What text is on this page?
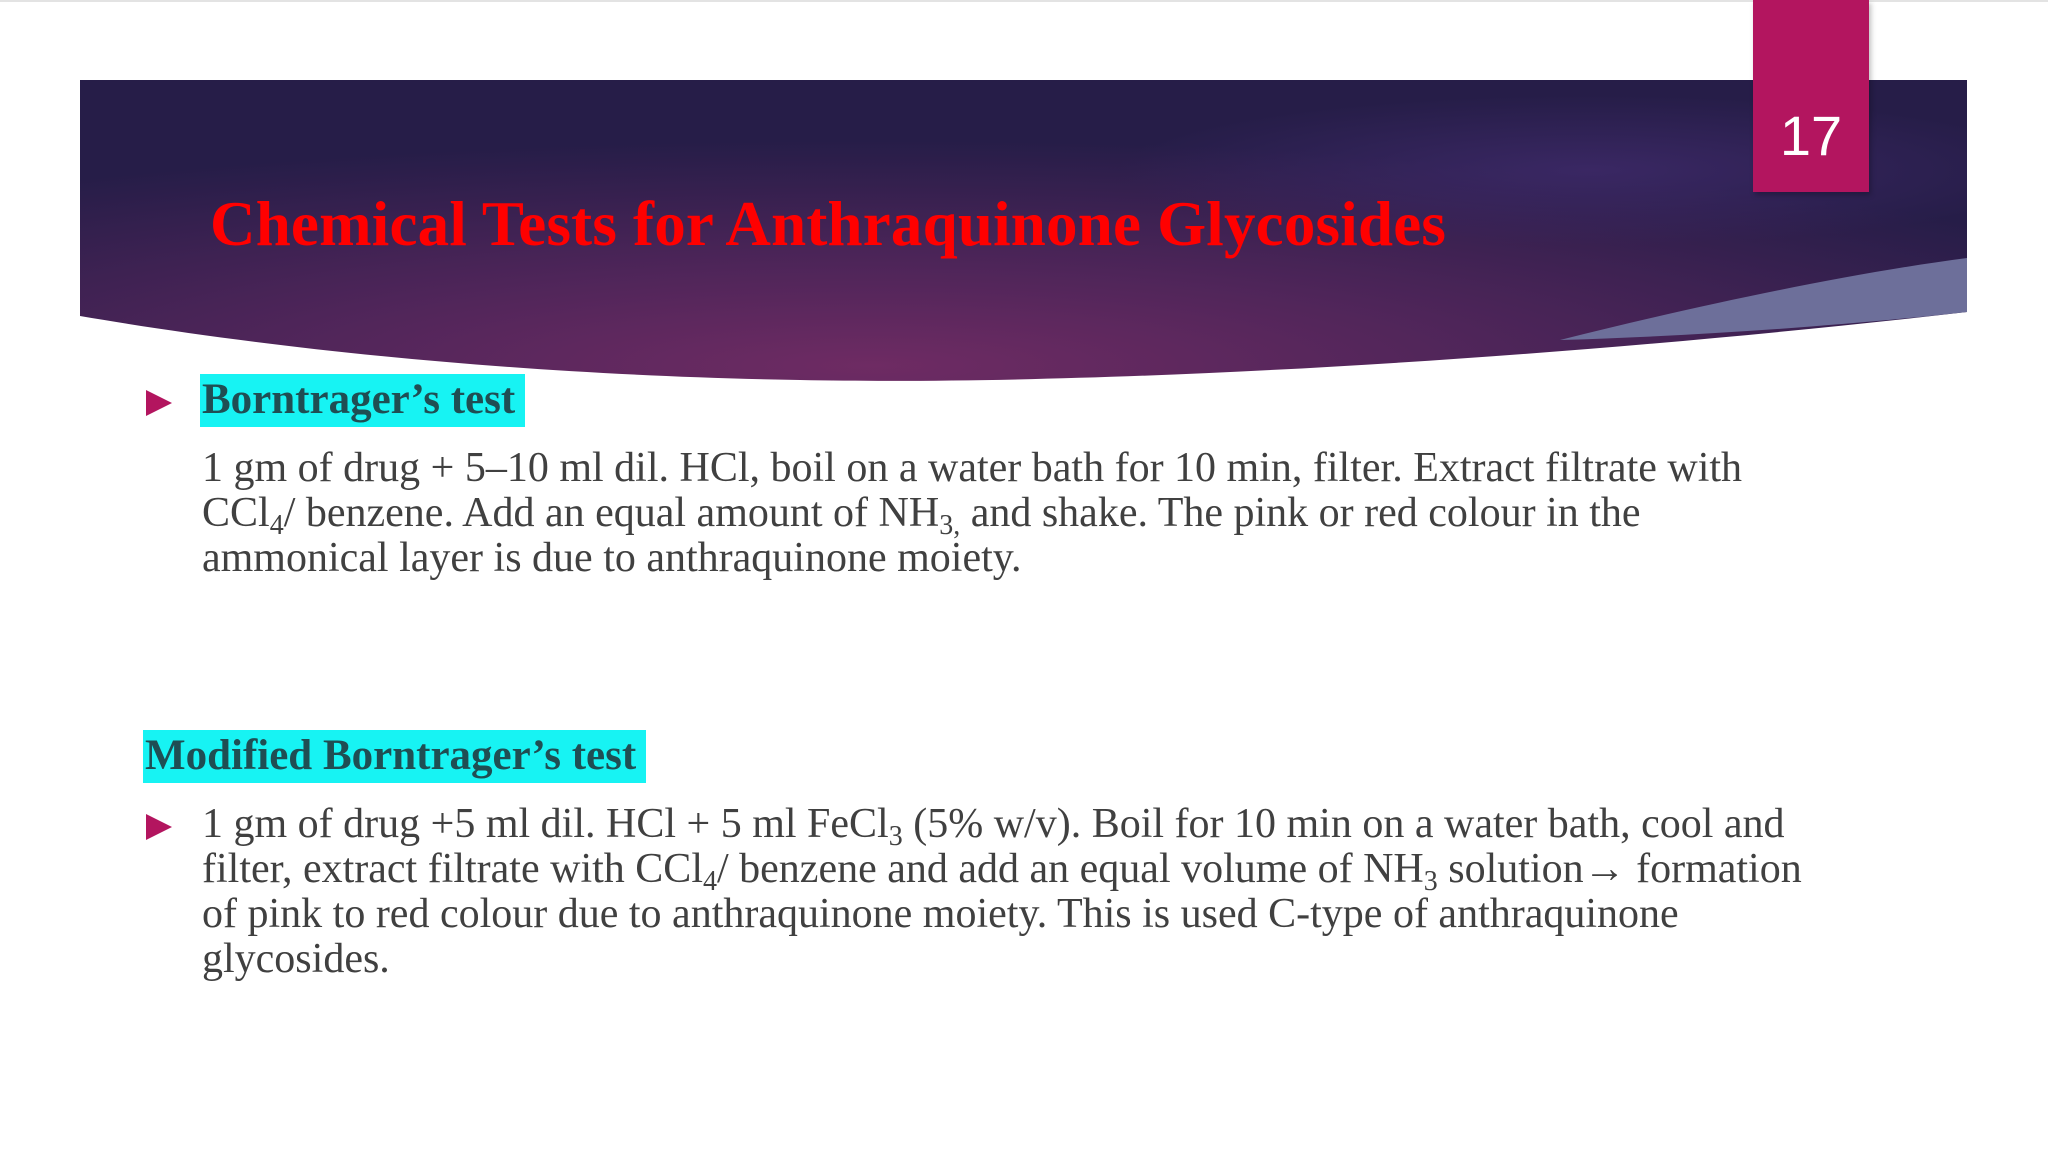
17
Chemical Tests for Anthraquinone Glycosides
Borntrager’s test
1 gm of drug + 5–10 ml dil. HCl, boil on a water bath for 10 min, filter. Extract filtrate with
CCl$_4$/ benzene. Add an equal amount of $NH_{3,}$ and shake. The pink or red colour in the
ammonical layer is due to anthraquinone moiety.
Modified Borntrager’s test
1 gm of drug +5 ml dil. HCl + 5 ml FeCl$_3$ (5% w/v). Boil for 10 min on a water bath, cool and
filter, extract filtrate with CCl$_4$/ benzene and add an equal volume of $NH_3$ solution→ formation
of pink to red colour due to anthraquinone moiety. This is used C-type of anthraquinone
glycosides.
